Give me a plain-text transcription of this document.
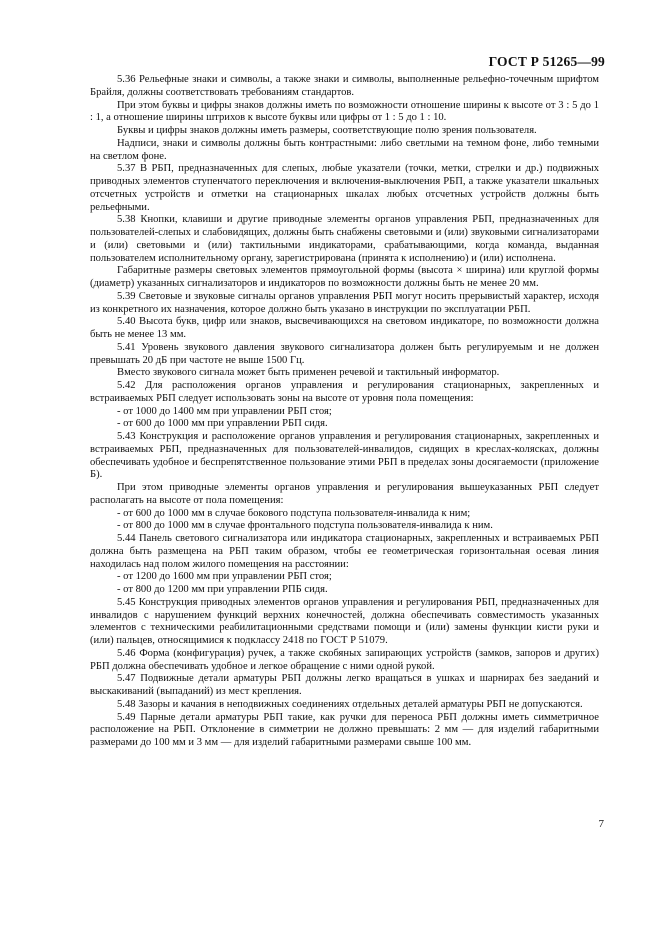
ГОСТ Р 51265—99

5.36 Рельефные знаки и символы, а также знаки и символы, выполненные рельефно-точечным шрифтом Брайля, должны соответствовать требованиям стандартов.

При этом буквы и цифры знаков должны иметь по возможности отношение ширины к высоте от 3 : 5 до 1 : 1, а отношение ширины штрихов к высоте буквы или цифры от 1 : 5 до 1 : 10.

Буквы и цифры знаков должны иметь размеры, соответствующие полю зрения пользователя.

Надписи, знаки и символы должны быть контрастными: либо светлыми на темном фоне, либо темными на светлом фоне.

5.37 В РБП, предназначенных для слепых, любые указатели (точки, метки, стрелки и др.) подвижных приводных элементов ступенчатого переключения и включения-выключения РБП, а также указатели шкальных отсчетных устройств и отметки на стационарных шкалах любых отсчетных устройств должны быть рельефными.

5.38 Кнопки, клавиши и другие приводные элементы органов управления РБП, предназначенных для пользователей-слепых и слабовидящих, должны быть снабжены световыми и (или) звуковыми сигнализаторами и (или) световыми и (или) тактильными индикаторами, срабатывающими, когда команда, выданная пользователем исполнительному органу, зарегистрирована (принята к исполнению) и (или) исполнена.

Габаритные размеры световых элементов прямоугольной формы (высота × ширина) или круглой формы (диаметр) указанных сигнализаторов и индикаторов по возможности должны быть не менее 20 мм.

5.39 Световые и звуковые сигналы органов управления РБП могут носить прерывистый характер, исходя из конкретного их назначения, которое должно быть указано в инструкции по эксплуатации РБП.

5.40 Высота букв, цифр или знаков, высвечивающихся на световом индикаторе, по возможности должна быть не менее 13 мм.

5.41 Уровень звукового давления звукового сигнализатора должен быть регулируемым и не должен превышать 20 дБ при частоте не выше 1500 Гц.

Вместо звукового сигнала может быть применен речевой и тактильный информатор.

5.42 Для расположения органов управления и регулирования стационарных, закрепленных и встраиваемых РБП следует использовать зоны на высоте от уровня пола помещения:

- от 1000 до 1400 мм при управлении РБП стоя;

- от 600 до 1000 мм при управлении РБП сидя.

5.43 Конструкция и расположение органов управления и регулирования стационарных, закрепленных и встраиваемых РБП, предназначенных для пользователей-инвалидов, сидящих в креслах-колясках, должны обеспечивать удобное и беспрепятственное пользование этими РБП в пределах зоны досягаемости (приложение Б).

При этом приводные элементы органов управления и регулирования вышеуказанных РБП следует располагать на высоте от пола помещения:

- от 600 до 1000 мм в случае бокового подступа пользователя-инвалида к ним;

- от 800 до 1000 мм в случае фронтального подступа пользователя-инвалида к ним.

5.44 Панель светового сигнализатора или индикатора стационарных, закрепленных и встраиваемых РБП должна быть размещена на РБП таким образом, чтобы ее геометрическая горизонтальная осевая линия находилась над полом жилого помещения на расстоянии:

- от 1200 до 1600 мм при управлении РБП стоя;

- от 800 до 1200 мм при управлении РПБ сидя.

5.45 Конструкция приводных элементов органов управления и регулирования РБП, предназначенных для инвалидов с нарушением функций верхних конечностей, должна обеспечивать совместимость указанных элементов с техническими реабилитационными средствами помощи и (или) замены функции кисти руки и (или) пальцев, относящимися к подклассу 2418 по ГОСТ Р 51079.

5.46 Форма (конфигурация) ручек, а также скобяных запирающих устройств (замков, запоров и других) РБП должна обеспечивать удобное и легкое обращение с ними одной рукой.

5.47 Подвижные детали арматуры РБП должны легко вращаться в ушках и шарнирах без заеданий и выскакиваний (выпаданий) из мест крепления.

5.48 Зазоры и качания в неподвижных соединениях отдельных деталей арматуры РБП не допускаются.

5.49 Парные детали арматуры РБП такие, как ручки для переноса РБП должны иметь симметричное расположение на РБП. Отклонение в симметрии не должно превышать: 2 мм — для изделий габаритными размерами до 100 мм и 3 мм — для изделий габаритными размерами свыше 100 мм.

7
